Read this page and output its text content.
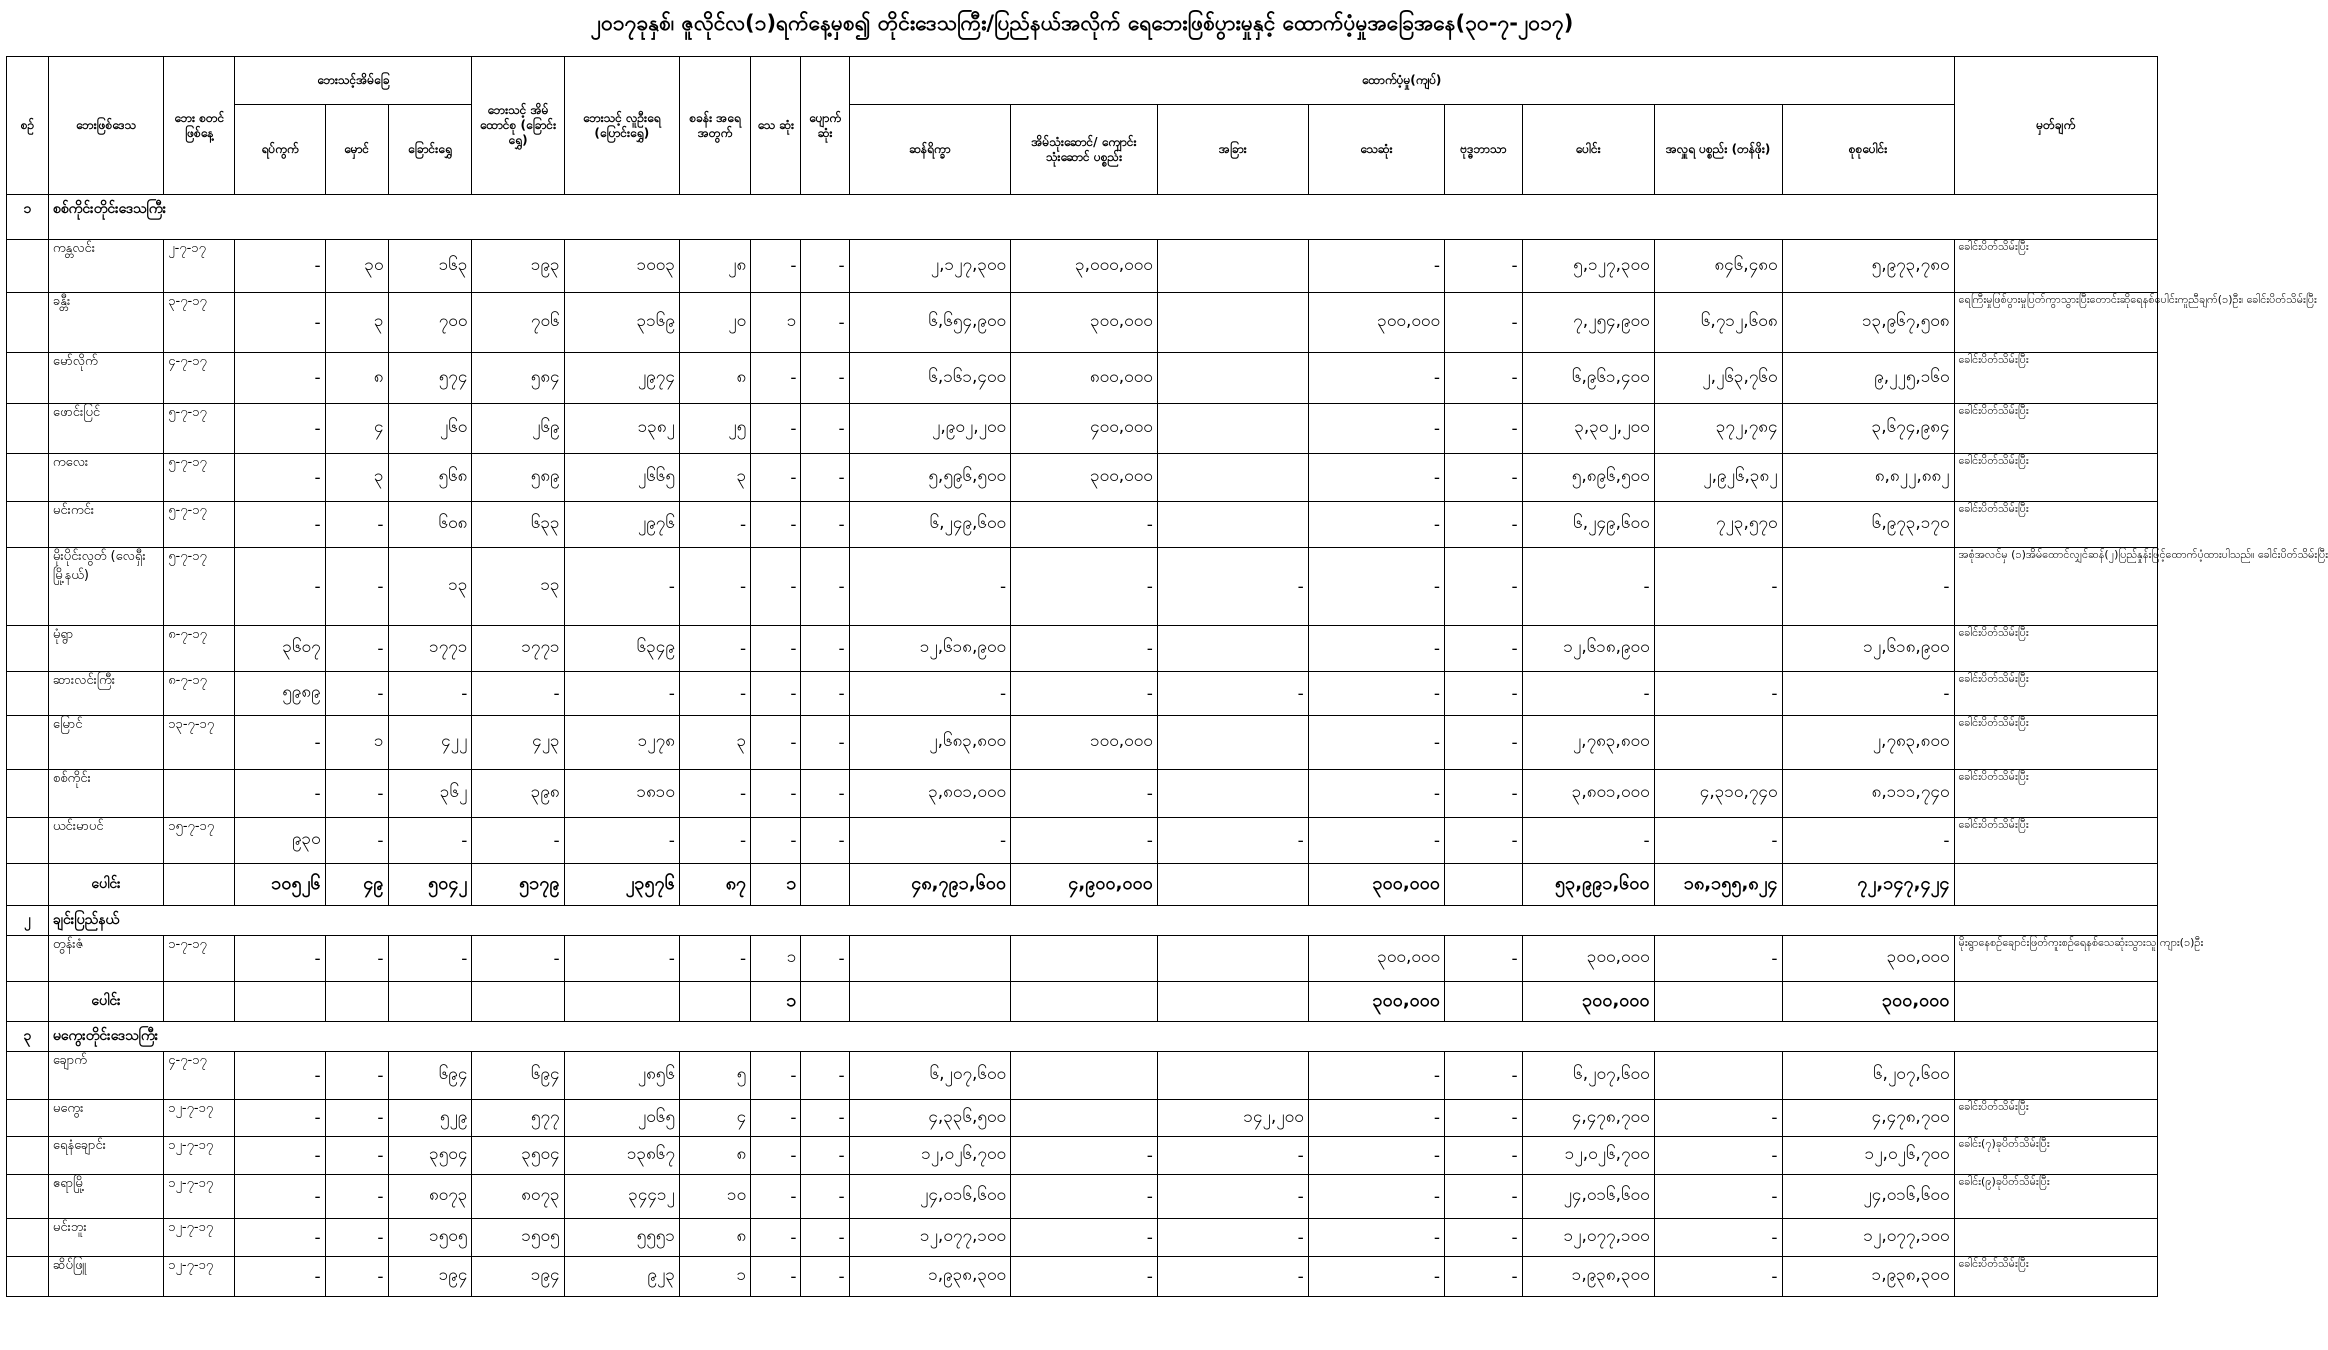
၂၀၁၇ခုနှစ်၊ ဇူလိုင်လ(၁)ရက်နေ့မှစ၍ တိုင်းဒေသကြီး/ပြည်နယ်အလိုက် ရေဘေးဖြစ်ပွားမှုနှင့် ထောက်ပံ့မှုအခြေအနေ(၃၀-၇-၂၀၁၇)
စဉ်	ဘေးဖြစ်ဒေသ	ဘေး စတင် ဖြစ်နေ့	ဘေးသင့်အိမ်ခြေ			ဘေးသင့် အိမ် ထောင်စု (ခြောင်းရွှေ)	ဘေးသင့် လူဦးရေ (ပြောင်းရွှေ)	စခန်း အရေ အတွက်	သေ ဆုံး	ပျောက် ဆုံး	ထောက်ပံ့မှု(ကျပ်)								မှတ်ချက်
			ရပ်ကွက်	မှောင်	ခြောင်းရွှေ						ဆန်ရိက္ခာ	အိမ်သုံးဆောင်/ ကျောင်းသုံးဆောင် ပစ္စည်း	အခြား	သေဆုံး	ဗုဒ္ဓဘာသာ	ပေါင်း	အလှူရ ပစ္စည်း (တန်ဖိုး)	စုစုပေါင်း	
၁	စစ်ကိုင်းတိုင်းဒေသကြီး																		
	ကန္တလင်း	၂-၇-၁၇	-	၃၀	၁၆၃	၁၉၃	၁၀၀၃	၂၈	-	-	၂,၁၂၇,၃၀၀	၃,၀၀၀,၀၀၀		-	-	၅,၁၂၇,၃၀၀	၈၄၆,၄၈၀	၅,၉၇၃,၇၈၀	ခေါင်းပိတ်သိမ်းပြီး
	ခန္တီး	၃-၇-၁၇	-	၃	၇၀၀	၇၀၆	၃၁၆၉	၂၀	၁	-	၆,၆၅၄,၉၀၀	၃၀၀,၀၀၀		၃၀၀,၀၀၀	-	၇,၂၅၄,၉၀၀	၆,၇၁၂,၆၀၈	၁၃,၉၆၇,၅၀၈	ရေကြီးမှုဖြစ်ပွားမှုပြတ်ကွာသွားပြီးတောင်းဆိုရေနစ်ပေါင်းကူညီချက်(၁)ဦး၊ ခေါင်းပိတ်သိမ်းပြီး
	မော်လိုက်	၄-၇-၁၇	-	၈	၅၇၄	၅၈၄	၂၉၇၄	၈	-	-	၆,၁၆၁,၄၀၀	၈၀၀,၀၀၀		-	-	၆,၉၆၁,၄၀၀	၂,၂၆၃,၇၆၀	၉,၂၂၅,၁၆၀	ခေါင်းပိတ်သိမ်းပြီး
	ဖောင်းပြင်	၅-၇-၁၇	-	၄	၂၆၀	၂၆၉	၁၃၈၂	၂၅	-	-	၂,၉၀၂,၂၀၀	၄၀၀,၀၀၀		-	-	၃,၃၀၂,၂၀၀	၃၇၂,၇၈၄	၃,၆၇၄,၉၈၄	ခေါင်းပိတ်သိမ်းပြီး
	ကလေး	၅-၇-၁၇	-	၃	၅၆၈	၅၈၉	၂၆၆၅	၃	-	-	၅,၅၉၆,၅၀၀	၃၀၀,၀၀၀		-	-	၅,၈၉၆,၅၀၀	၂,၉၂၆,၃၈၂	၈,၈၂၂,၈၈၂	ခေါင်းပိတ်သိမ်းပြီး
	မင်းကင်း	၅-၇-၁၇	-	-	၆၀၈	၆၃၃	၂၉၇၆	-	-	-	၆,၂၄၉,၆၀၀	-		-	-	၆,၂၄၉,၆၀၀	၇၂၃,၅၇၀	၆,၉၇၃,၁၇၀	ခေါင်းပိတ်သိမ်းပြီး
	မိုးပိုင်းလွတ် (လေရှီးမြို့နယ်)	၅-၇-၁၇	-	-	၁၃	၁၃	-	-	-	-	-	-	-	-	-	-	-	-	အစုံအလင်မှ (၁)အိမ်ထောင်လျှင်ဆန်(၂)ပြည်နှုန်းဖြင့်ထောက်ပံ့ထားပါသည်။ ခေါင်းပိတ်သိမ်းပြီး
	မုံရွာ	၈-၇-၁၇	၃၆၀၇	-	၁၇၇၁	၁၇၇၁	၆၃၄၉	-	-	-	၁၂,၆၁၈,၉၀၀	-		-	-	၁၂,၆၁၈,၉၀၀		၁၂,၆၁၈,၉၀၀	ခေါင်းပိတ်သိမ်းပြီး
	ဆားလင်းကြီး	၈-၇-၁၇	၅၉၈၉	-	-	-	-	-	-	-	-	-	-	-	-	-	-	-	ခေါင်းပိတ်သိမ်းပြီး
	မြောင်	၁၃-၇-၁၇	-	၁	၄၂၂	၄၂၃	၁၂၇၈	၃	-	-	၂,၆၈၃,၈၀၀	၁၀၀,၀၀၀		-	-	၂,၇၈၃,၈၀၀		၂,၇၈၃,၈၀၀	ခေါင်းပိတ်သိမ်းပြီး
	စစ်ကိုင်း		-	-	၃၆၂	၃၉၈	၁၈၁၀	-	-	-	၃,၈၀၁,၀၀၀	-		-	-	၃,၈၀၁,၀၀၀	၄,၃၁၀,၇၄၀	၈,၁၁၁,၇၄၀	ခေါင်းပိတ်သိမ်းပြီး
	ယင်းမာပင်	၁၅-၇-၁၇	၉၃၀	-	-	-	-	-	-	-	-	-	-	-	-	-	-	-	ခေါင်းပိတ်သိမ်းပြီး
	ပေါင်း		၁၀၅၂၆	၄၉	၅၀၄၂	၅၁၇၉	၂၃၅၇၆	၈၇	၁		၄၈,၇၉၁,၆၀၀	၄,၉၀၀,၀၀၀		၃၀၀,၀၀၀		၅၃,၉၉၁,၆၀၀	၁၈,၁၅၅,၈၂၄	၇၂,၁၄၇,၄၂၄	
၂	ချင်းပြည်နယ်																		
	တွန်းဇံ	၁-၇-၁၇	-	-	-	-	-	-	၁	-				၃၀၀,၀၀၀	-	၃၀၀,၀၀၀	-	၃၀၀,၀၀၀	မိုးရွာနေစဉ်ချောင်းဖြတ်ကူးစဉ်ရေနစ်သေဆုံးသွားသူ ကျား(၁)ဦး
	ပေါင်း								၁					၃၀၀,၀၀၀		၃၀၀,၀၀၀		၃၀၀,၀၀၀	
၃	မကွေးတိုင်းဒေသကြီး																		
	ချောက်	၄-၇-၁၇	-	-	၆၉၄	၆၉၄	၂၈၅၆	၅	-	-	၆,၂၀၇,၆၀၀			-	-	၆,၂၀၇,၆၀၀		၆,၂၀၇,၆၀၀	
	မကွေး	၁၂-၇-၁၇	-	-	၅၂၉	၅၇၇	၂၀၆၅	၄	-	-	၄,၃၃၆,၅၀၀		၁၄၂,၂၀၀	-	-	၄,၄၇၈,၇၀၀	-	၄,၄၇၈,၇၀၀	ခေါင်းပိတ်သိမ်းပြီး
	ရေနံချောင်း	၁၂-၇-၁၇	-	-	၃၅၀၄	၃၅၀၄	၁၃၈၆၇	၈	-	-	၁၂,၀၂၆,၇၀၀	-	-	-	-	၁၂,၀၂၆,၇၀၀	-	၁၂,၀၂၆,၇၀၀	ခေါင်း(၇)ခုပိတ်သိမ်းပြီး
	ဧရာမြို့	၁၂-၇-၁၇	-	-	၈၀၇၃	၈၀၇၃	၃၄၄၁၂	၁၀	-	-	၂၄,၀၁၆,၆၀၀	-	-	-	-	၂၄,၀၁၆,၆၀၀	-	၂၄,၀၁၆,၆၀၀	ခေါင်း(၉)ခုပိတ်သိမ်းပြီး
	မင်းဘူး	၁၂-၇-၁၇	-	-	၁၅၀၅	၁၅၀၅	၅၅၅၁	၈	-	-	၁၂,၀၇၇,၁၀၀	-	-	-	-	၁၂,၀၇၇,၁၀၀	-	၁၂,၀၇၇,၁၀၀	
	ဆိပ်ဖြူ	၁၂-၇-၁၇	-	-	၁၉၄	၁၉၄	၉၂၃	၁	-	-	၁,၉၃၈,၃၀၀	-	-	-	-	၁,၉၃၈,၃၀၀	-	၁,၉၃၈,၃၀၀	ခေါင်းပိတ်သိမ်းပြီး
